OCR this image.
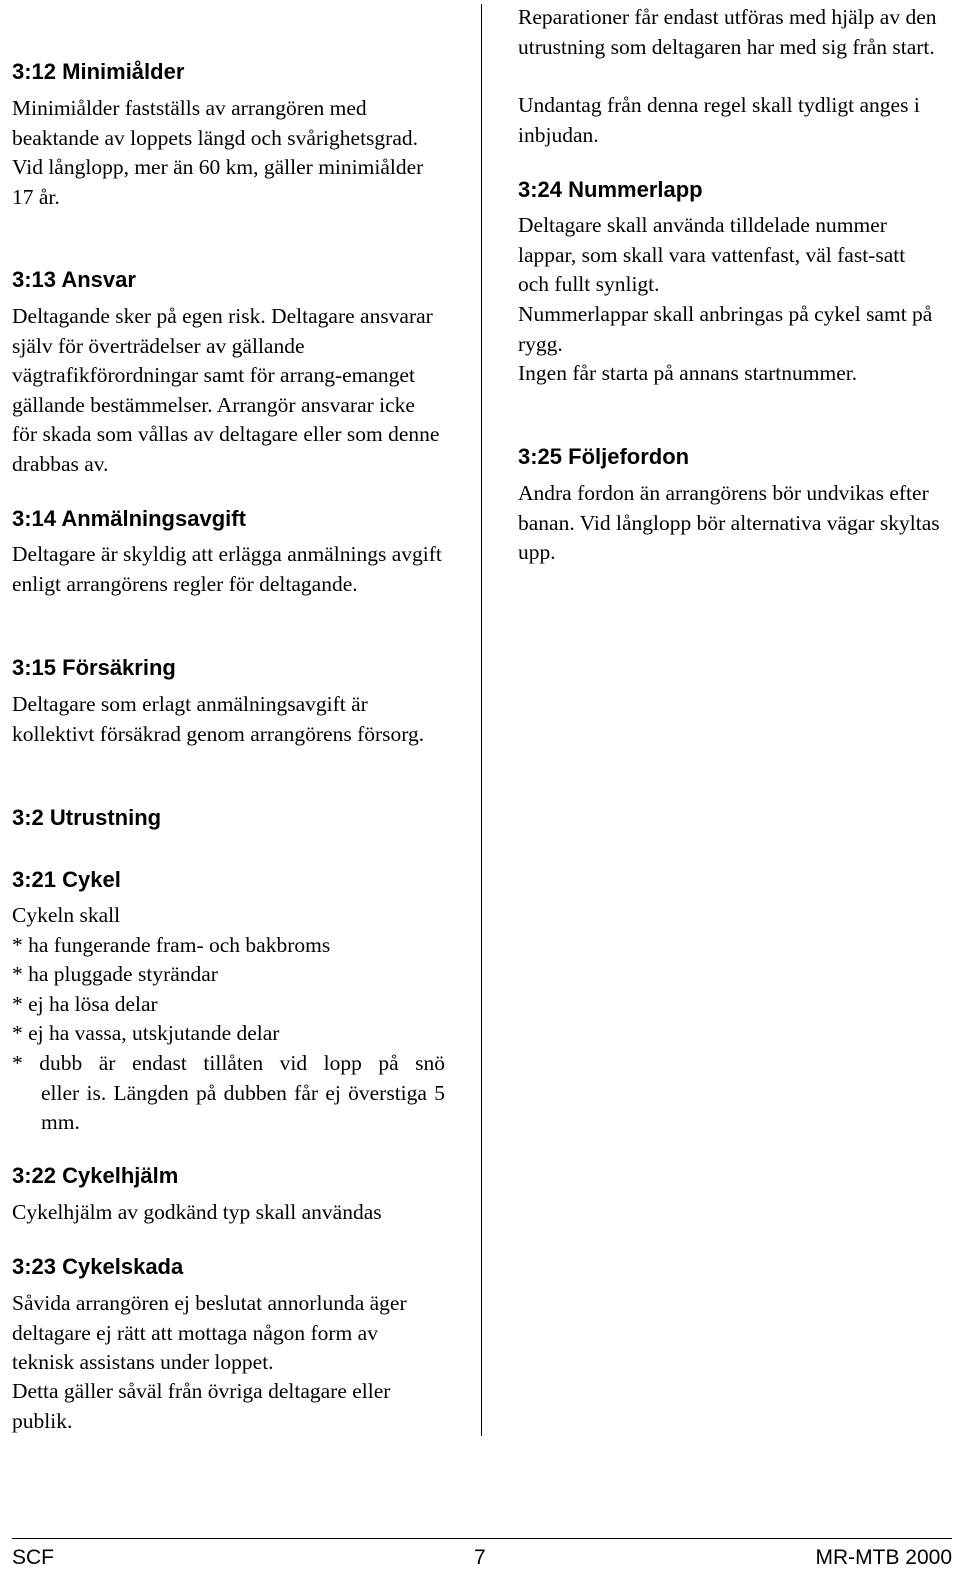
3:12 Minimiålder

Minimiålder fastställs av arrangören med beaktande av loppets längd och svårighetsgrad. Vid långlopp, mer än 60 km, gäller minimiålder 17 år.

3:13 Ansvar

Deltagande sker på egen risk. Deltagare ansvarar själv för överträdelser av gällande vägtrafikförordningar samt för arrang-emanget gällande bestämmelser. Arrangör ansvarar icke för skada som vållas av deltagare eller som denne drabbas av.

3:14 Anmälningsavgift

Deltagare är skyldig att erlägga anmälnings avgift enligt arrangörens regler för deltagande.

3:15 Försäkring

Deltagare som erlagt anmälningsavgift är kollektivt försäkrad genom arrangörens försorg.

3:2 Utrustning
3:21 Cykel

Cykeln skall

* ha fungerande fram- och bakbroms

* ha pluggade styrändar

* ej ha lösa delar

* ej ha vassa, utskjutande delar

* dubb är endast tillåten vid lopp på snö

eller is. Längden på dubben får ej överstiga 5 mm.

3:22 Cykelhjälm

Cykelhjälm av godkänd typ skall användas

3:23 Cykelskada

Såvida arrangören ej beslutat annorlunda äger deltagare ej rätt att mottaga någon form av teknisk assistans under loppet.

Detta gäller såväl från övriga deltagare eller publik.

Reparationer får endast utföras med hjälp av den utrustning som deltagaren har med sig från start.

Undantag från denna regel skall tydligt anges i inbjudan.

3:24 Nummerlapp

Deltagare skall använda tilldelade nummer lappar, som skall vara vattenfast, väl fast-satt och fullt synligt.

Nummerlappar skall anbringas på cykel samt på rygg.

Ingen får starta på annans startnummer.

3:25 Följefordon

Andra fordon än arrangörens bör undvikas efter banan. Vid långlopp bör alternativa vägar skyltas upp.

SCF	7	MR-MTB 2000
